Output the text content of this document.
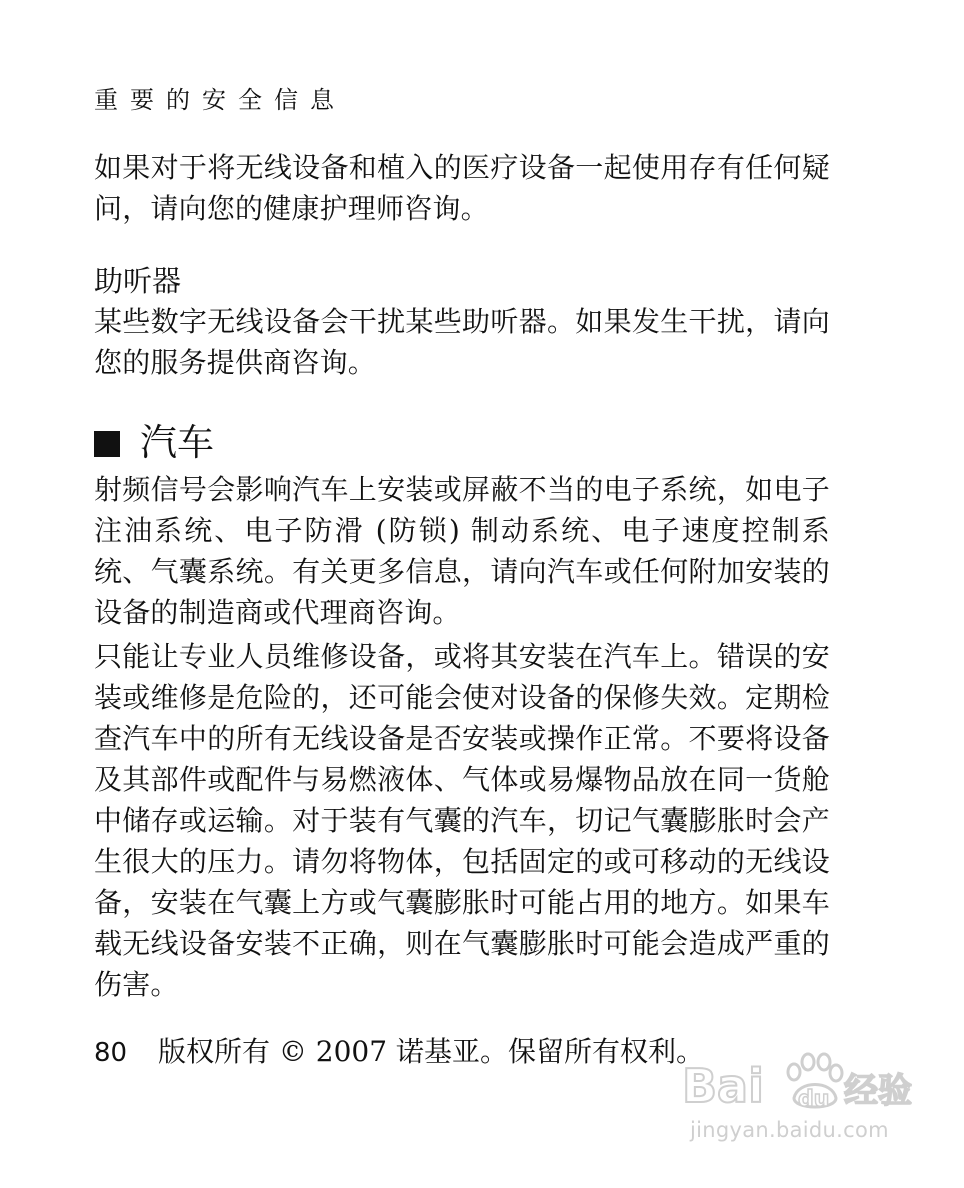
重要的安全信息

如果对于将无线设备和植入的医疗设备一起使用存有任何疑问，请向您的健康护理师咨询。

助听器

某些数字无线设备会干扰某些助听器。如果发生干扰，请向您的服务提供商咨询。

汽车

射频信号会影响汽车上安装或屏蔽不当的电子系统，如电子注油系统、电子防滑 (防锁) 制动系统、电子速度控制系统、气囊系统。有关更多信息，请向汽车或任何附加安装的设备的制造商或代理商咨询。

只能让专业人员维修设备，或将其安装在汽车上。错误的安装或维修是危险的，还可能会使对设备的保修失效。定期检查汽车中的所有无线设备是否安装或操作正常。不要将设备及其部件或配件与易燃液体、气体或易爆物品放在同一货舱中储存或运输。对于装有气囊的汽车，切记气囊膨胀时会产生很大的压力。请勿将物体，包括固定的或可移动的无线设备，安装在气囊上方或气囊膨胀时可能占用的地方。如果车载无线设备安装不正确，则在气囊膨胀时可能会造成严重的伤害。

80 版权所有 © 2007 诺基亚。保留所有权利。
Bai du 经验
jingyan.baidu.com
